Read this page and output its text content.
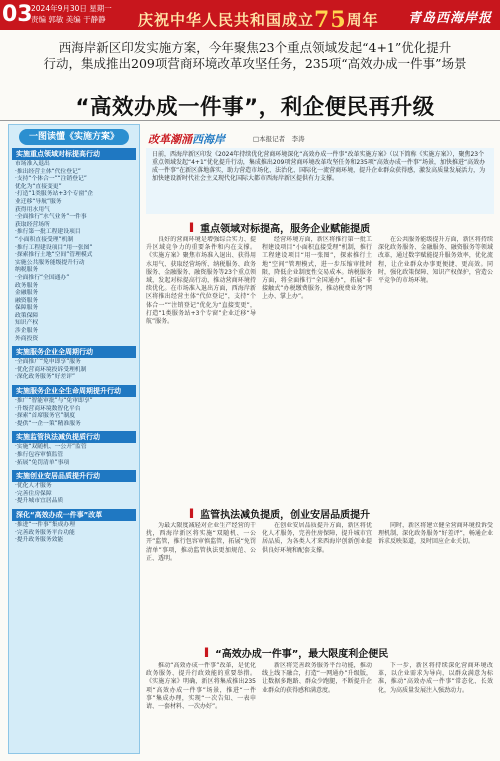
03
2024年9月30日 星期一
责编 郭敏 美编 于静静	庆祝中华人民共和国成立75周年 青岛西海岸报
西海岸新区印发实施方案，今年聚焦23个重点领域发起“4+1”优化提升
行动，集成推出209项营商环境改革攻坚任务，235项“高效办成一件事”场景
“高效办成一件事”，利企便民再升级
一图读懂《实施方案》
实施重点领域对标提高行动
市场准入退出
·推出经营主体“代位登记”
·支持“个体合一”“注销登记”
优化为“直接变更”
·打造“1类服务站+3个专窗”企
业迁移“导航”服务
获得用水用气
·全面推行“水气业务”一件事
获取经营场所
·推行第一批工程建设项目
“小面积直接受理”机制
·推行工程建设项目“用一张图”
·探索推行土地“空间”管理模式
实施公共服务能级提升行动
纳税服务
·全面推行“全国通办”
政务服务
金融服务
融资服务
保障服务
政策保障
知识产权
涉企服务
外商投资
实施服务企业全周期行动
·全面推广“免申即享”服务
·优化营商环境投诉受理机制
·深化政务服务“好差评”
实施服务企业全生命周期提升行动
·推广“智能审批”与“免审即享”
·升级营商环境数智化平台
·探索“首席服务官”制度
·提供“一企一策”精准服务
实施监管执法减负提质行动
·实施“双随机、一公开”监管
·推行包容审慎监管
·拓展“免罚清单”事项
实施创业安居品质提升行动
·优化人才服务
·完善住房保障
·提升城市宜居品质
深化“高效办成一件事”改革
·推进“一件事”集成办理
·完善政务服务平台功能
·提升政务服务效能
改革潮涌西海岸	□本报记者　李涛
日前，西海岸新区印发《2024年持续优化营商环境深化“高效办成一件事”改革实施方案》（以下简称《实施方案》），聚焦23个重点领域发起“4+1”优化提升行动，集成推出209项营商环境改革攻坚任务和235项“高效办成一件事”场景，加快推进“高效办成一件事”在新区落地落实，助力营造市场化、法治化、国际化一流营商环境，提升企业群众获得感，激发高质量发展活力，为加快建设新时代社会主义现代化国际大都市西海岸新区提供有力支撑。
▌ 重点领域对标提高，服务企业赋能提质

良好的营商环境是增强综合实力、提升区域竞争力的重要条件和内在支撑。《实施方案》聚焦市场准入退出、获得用水用气、获取经营场所、纳税服务、政务服务、金融服务、融资服务等23个重点领域，发起对标提高行动，推动营商环境持续优化。在市场准入退出方面，西海岸新区将推出经营主体“代位登记”，支持“个体合一”“注销登记”优化为“直接变更”，打造“1类服务站+3个专窗”企业迁移“导航”服务。

经营环境方面，新区将推行第一批工程建设项目“小面积直接受理”机制，推行工程建设项目“用一张图”，探索推行土地“空间”管理模式，进一步压缩审批时限，降低企业制度性交易成本。纳税服务方面，将全面推行“全国通办”，拓展“非接触式”办税缴费服务，推动税费业务“网上办、掌上办”。

在公共服务能级提升方面，新区将持续深化政务服务、金融服务、融资服务等领域改革，通过数字赋能提升服务效率，优化流程，让企业群众办事更便捷、更高效。同时，强化政策保障、知识产权保护，营造公平竞争的市场环境。

▌ 监管执法减负提质，创业安居品质提升

为最大限度减轻对企业生产经营的干扰，西海岸新区将实施“双随机、一公开”监管，推行包容审慎监管，拓展“免罚清单”事项，推动监管执法更加规范、公正、透明。

在创业安居品质提升方面，新区将优化人才服务，完善住房保障，提升城市宜居品质，为各类人才来西海岸创新创业提供良好环境和配套支撑。

同时，新区将建立健全营商环境投诉受理机制，深化政务服务“好差评”，畅通企业诉求反映渠道，及时回应企业关切。

▌ “高效办成一件事”，最大限度利企便民

推动“高效办成一件事”改革，是优化政务服务、提升行政效能的重要举措。《实施方案》明确，新区将集成推出235项“高效办成一件事”场景，推进“一件事”集成办理，实现“一次告知、一表申请、一套材料、一次办好”。

新区将完善政务服务平台功能，推动线上线下融合，打造“一网通办”升级版，让数据多跑路、群众少跑腿，不断提升企业群众的获得感和满意度。

下一步，新区将持续深化营商环境改革，以企业需求为导向，以群众满意为标准，推动“高效办成一件事”常态化、长效化，为高质量发展注入强劲动力。
